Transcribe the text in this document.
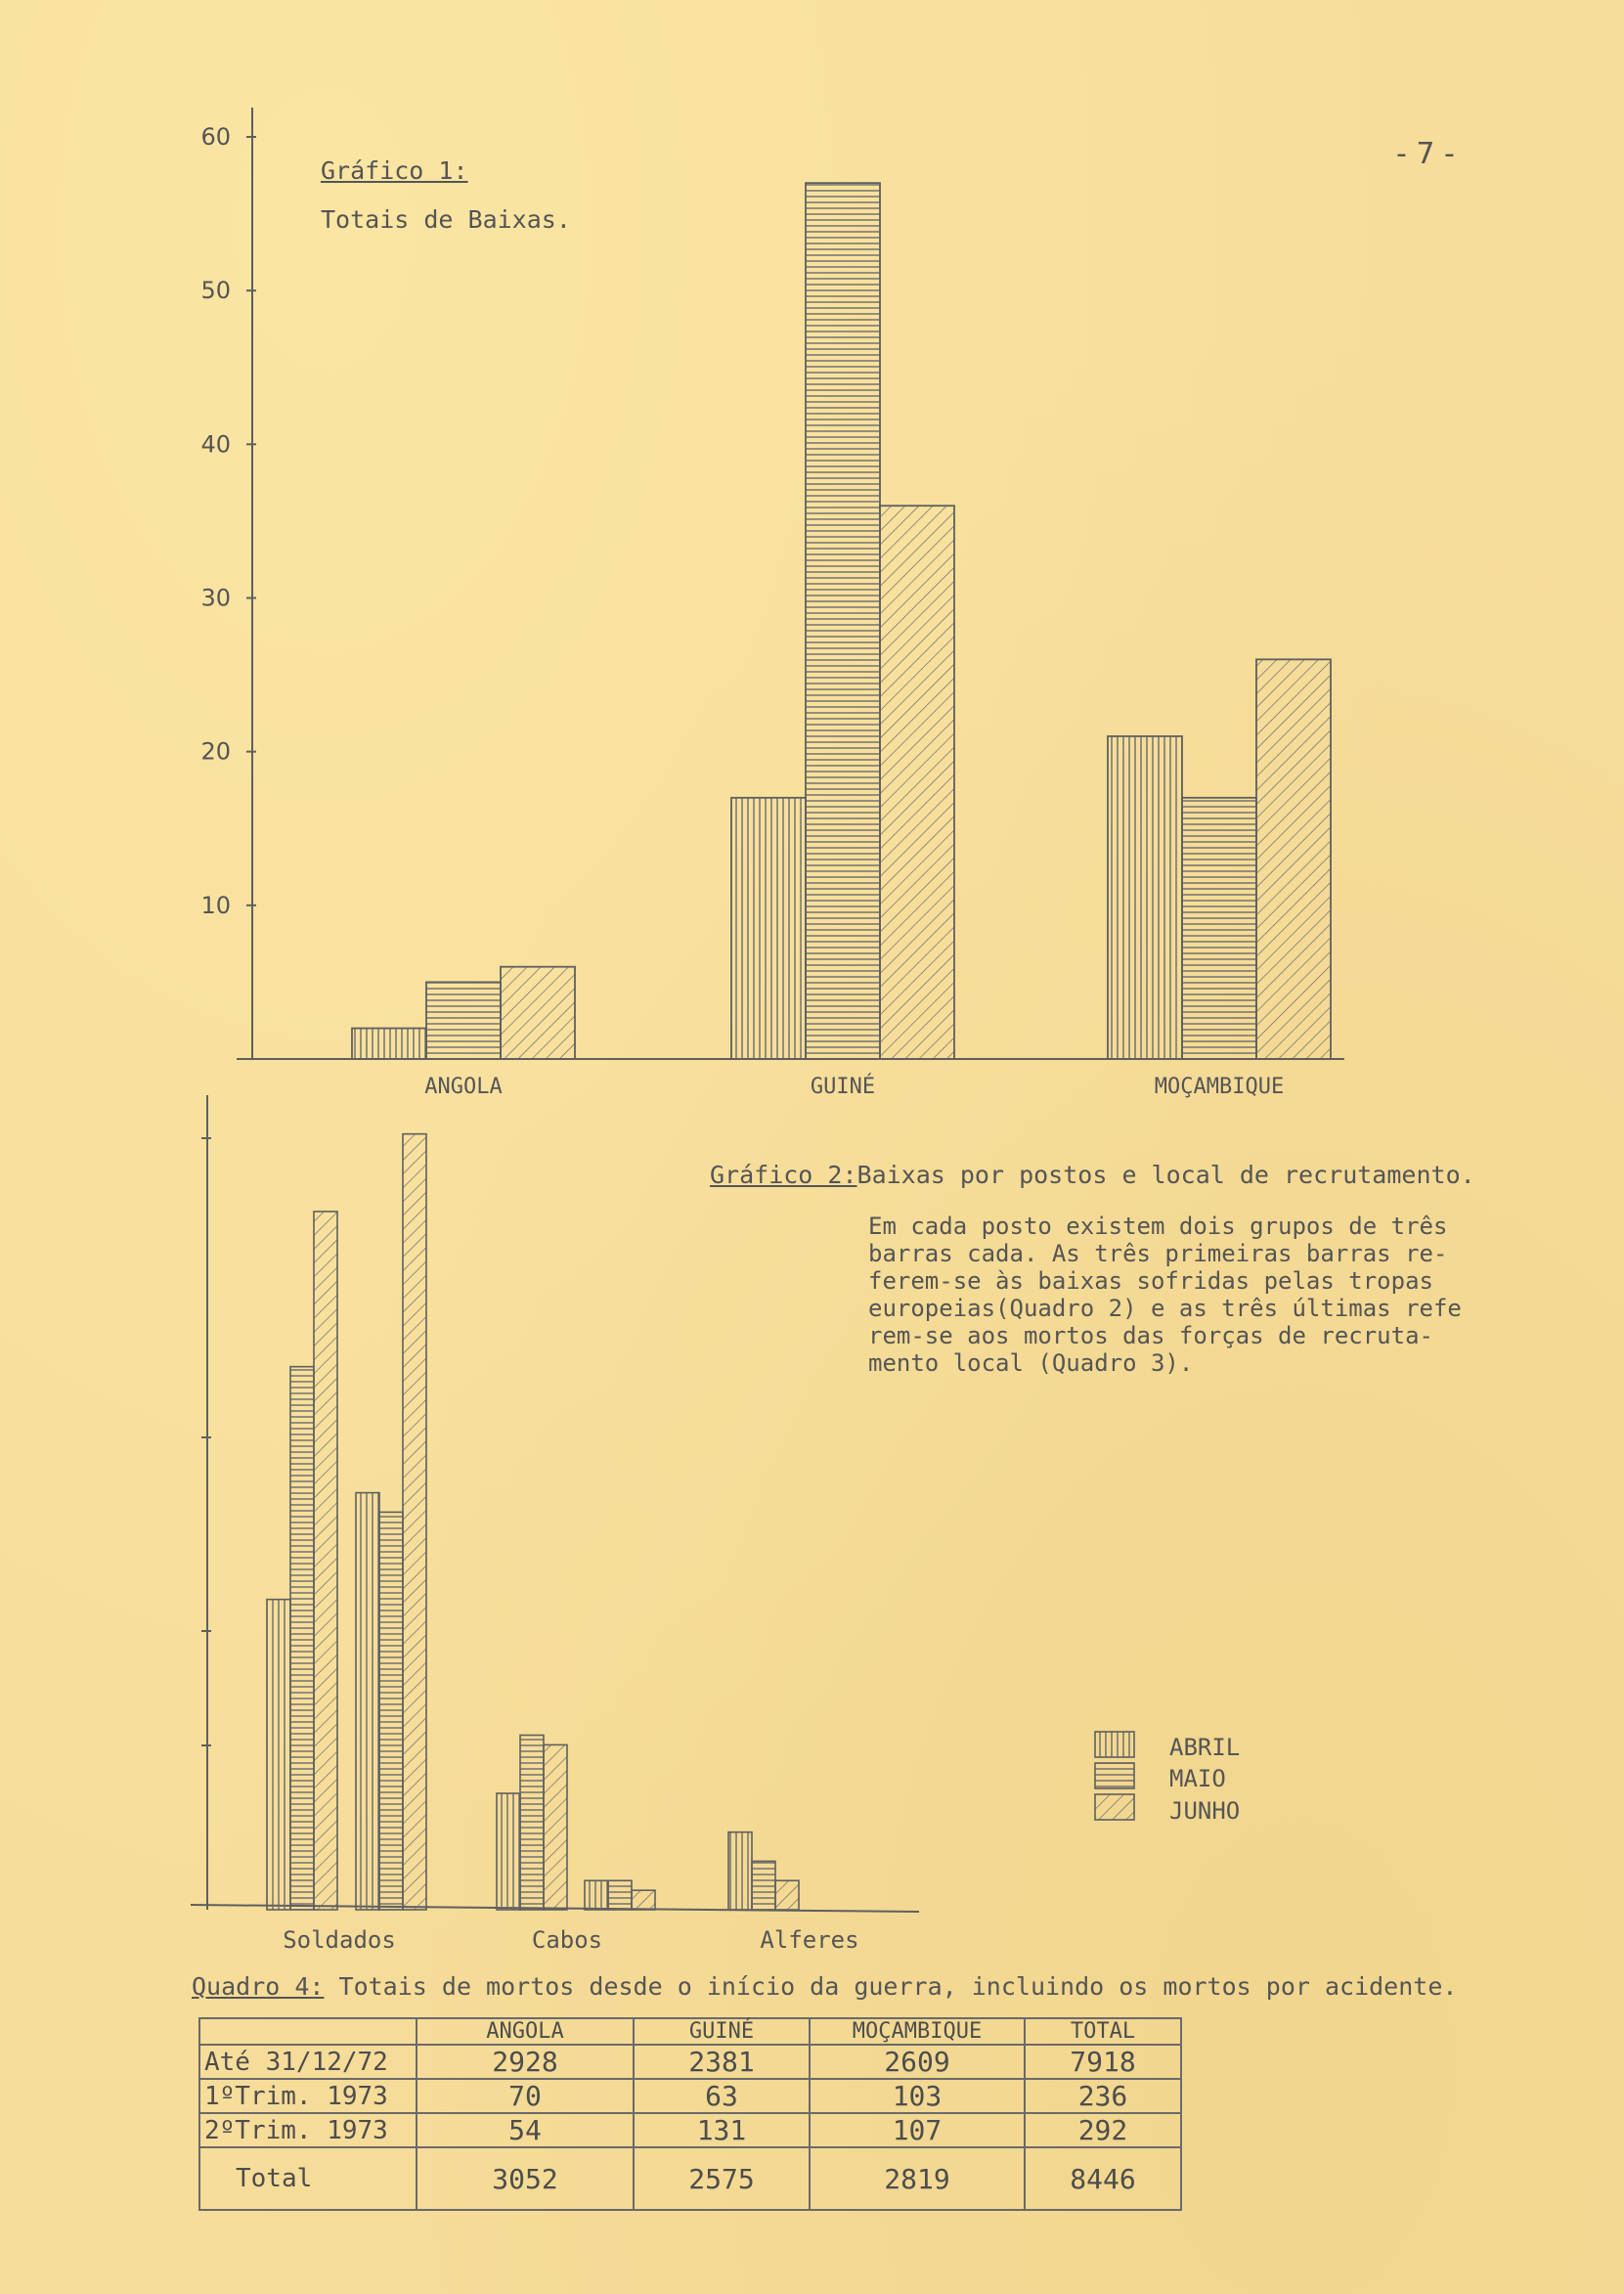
- 7 -
Gráfico 1:
Totais de Baixas.
Gráfico 2:Baixas por postos e local de recrutamento.
Em cada posto existem dois grupos de três
barras cada. As três primeiras barras re-
ferem-se às baixas sofridas pelas tropas
europeias(Quadro 2) e as três últimas refe
rem-se aos mortos das forças de recruta-
mento local (Quadro 3).
ABRIL
MAIO
JUNHO
Quadro 4: Totais de mortos desde o início da guerra, incluindo os mortos por acidente.
	ANGOLA	GUINÉ	MOÇAMBIQUE	TOTAL
Até 31/12/72	2928	2381	2609	7918
1ºTrim. 1973	70	63	103	236
2ºTrim. 1973	54	131	107	292
Total	3052	2575	2819	8446
60
50
40
30
20
10
ANGOLA	GUINÉ	MOÇAMBIQUE
Soldados	Cabos	Alferes
